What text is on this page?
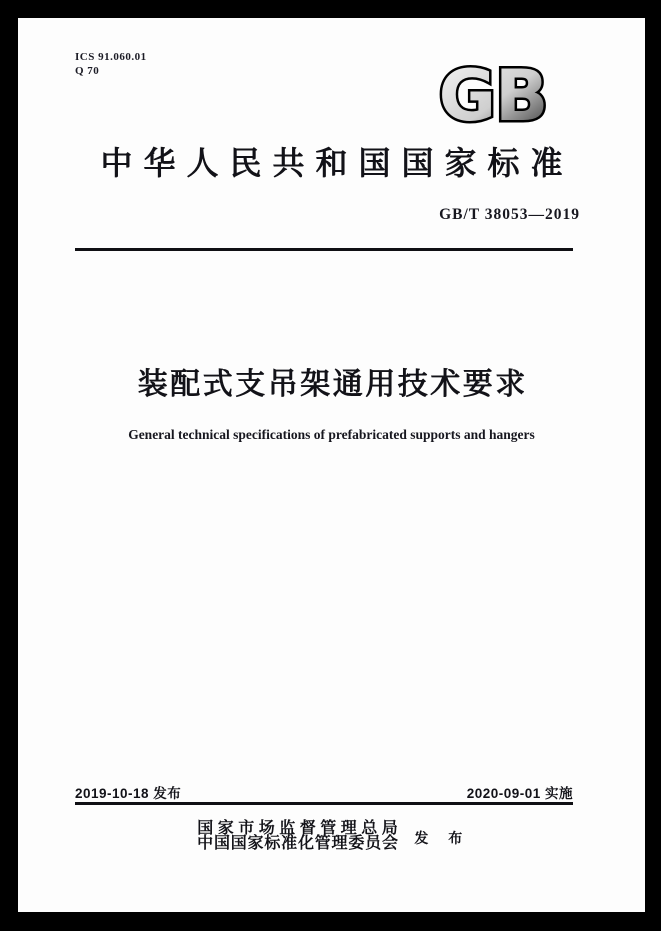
ICS 91.060.01
Q 70	GB
中华人民共和国国家标准
GB/T 38053—2019
装配式支吊架通用技术要求
General technical specifications of prefabricated supports and hangers
2019-10-18 发布	2020-09-01 实施
国家市场监督管理总局
中国国家标准化管理委员会 发 布
